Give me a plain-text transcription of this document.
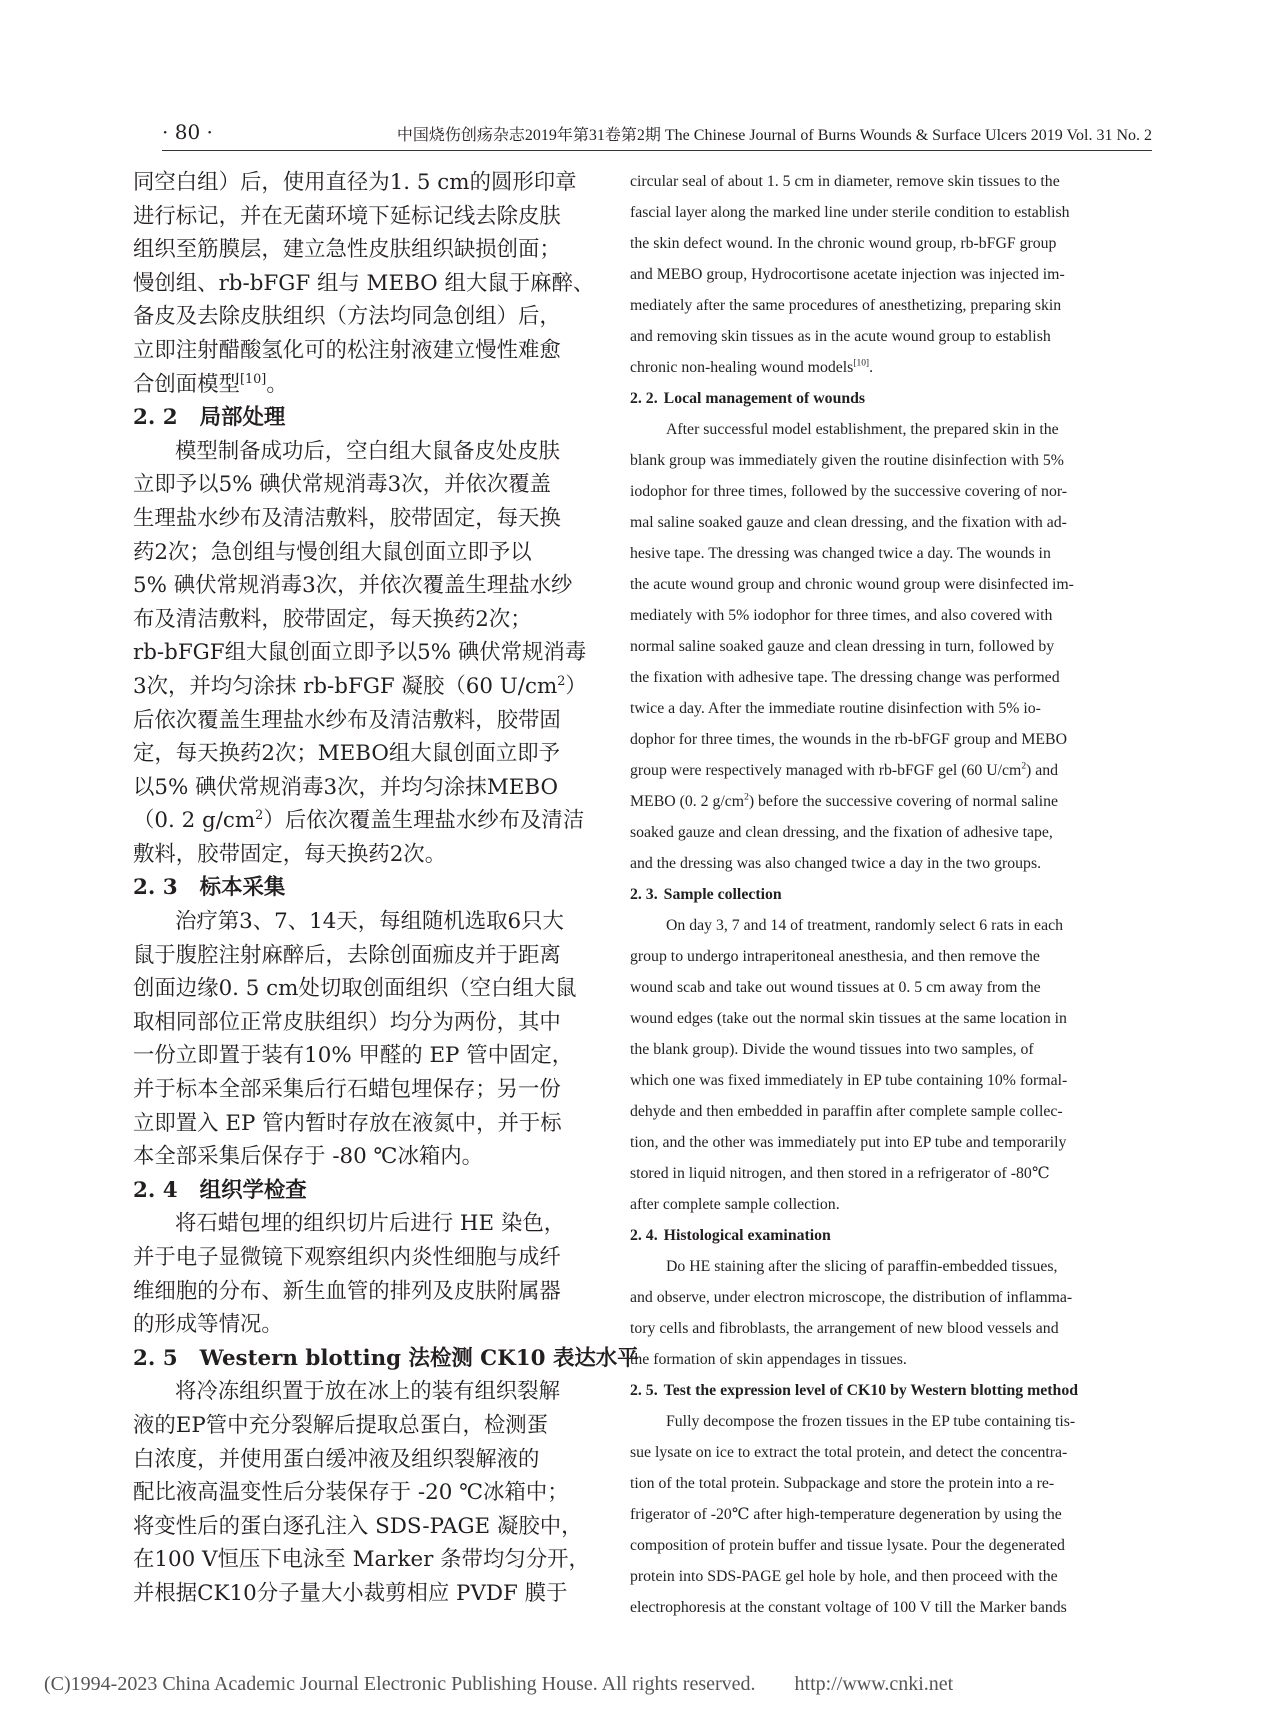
· 80 ·	中国烧伤创疡杂志2019年第31卷第2期 The Chinese Journal of Burns Wounds & Surface Ulcers 2019 Vol. 31 No. 2
同空白组）后，使用直径为1. 5 cm的圆形印章
进行标记，并在无菌环境下延标记线去除皮肤
组织至筋膜层，建立急性皮肤组织缺损创面；
慢创组、rb-bFGF 组与 MEBO 组大鼠于麻醉、
备皮及去除皮肤组织（方法均同急创组）后，
立即注射醋酸氢化可的松注射液建立慢性难愈
合创面模型[10]。
2. 2 局部处理
模型制备成功后，空白组大鼠备皮处皮肤
立即予以5% 碘伏常规消毒3次，并依次覆盖
生理盐水纱布及清洁敷料，胶带固定，每天换
药2次；急创组与慢创组大鼠创面立即予以
5% 碘伏常规消毒3次，并依次覆盖生理盐水纱
布及清洁敷料，胶带固定，每天换药2次；
rb-bFGF组大鼠创面立即予以5% 碘伏常规消毒
3次，并均匀涂抹 rb-bFGF 凝胶（60 $U/cm^2$）
后依次覆盖生理盐水纱布及清洁敷料，胶带固
定，每天换药2次；MEBO组大鼠创面立即予
以5% 碘伏常规消毒3次，并均匀涂抹MEBO
（0. 2 $g/cm^2$）后依次覆盖生理盐水纱布及清洁
敷料，胶带固定，每天换药2次。
2. 3 标本采集
治疗第3、7、14天，每组随机选取6只大
鼠于腹腔注射麻醉后，去除创面痂皮并于距离
创面边缘0. 5 cm处切取创面组织（空白组大鼠
取相同部位正常皮肤组织）均分为两份，其中
一份立即置于装有10% 甲醛的 EP 管中固定，
并于标本全部采集后行石蜡包埋保存；另一份
立即置入 EP 管内暂时存放在液氮中，并于标
本全部采集后保存于 -80 ℃冰箱内。
2. 4 组织学检查
将石蜡包埋的组织切片后进行 HE 染色，
并于电子显微镜下观察组织内炎性细胞与成纤
维细胞的分布、新生血管的排列及皮肤附属器
的形成等情况。
2. 5 Western blotting 法检测 CK10 表达水平
将冷冻组织置于放在冰上的装有组织裂解
液的EP管中充分裂解后提取总蛋白，检测蛋
白浓度，并使用蛋白缓冲液及组织裂解液的
配比液高温变性后分装保存于 -20 ℃冰箱中；
将变性后的蛋白逐孔注入 SDS-PAGE 凝胶中，
在100 V恒压下电泳至 Marker 条带均匀分开，
并根据CK10分子量大小裁剪相应 PVDF 膜于
circular seal of about 1. 5 cm in diameter, remove skin tissues to the
fascial layer along the marked line under sterile condition to establish
the skin defect wound. In the chronic wound group, rb-bFGF group
and MEBO group, Hydrocortisone acetate injection was injected im-
mediately after the same procedures of anesthetizing, preparing skin
and removing skin tissues as in the acute wound group to establish
chronic non-healing wound models[10].
2. 2. Local management of wounds
After successful model establishment, the prepared skin in the
blank group was immediately given the routine disinfection with 5%
iodophor for three times, followed by the successive covering of nor-
mal saline soaked gauze and clean dressing, and the fixation with ad-
hesive tape. The dressing was changed twice a day. The wounds in
the acute wound group and chronic wound group were disinfected im-
mediately with 5% iodophor for three times, and also covered with
normal saline soaked gauze and clean dressing in turn, followed by
the fixation with adhesive tape. The dressing change was performed
twice a day. After the immediate routine disinfection with 5% io-
dophor for three times, the wounds in the rb-bFGF group and MEBO
group were respectively managed with rb-bFGF gel (60 $U/cm^2$) and
MEBO (0. 2 $g/cm^2$) before the successive covering of normal saline
soaked gauze and clean dressing, and the fixation of adhesive tape,
and the dressing was also changed twice a day in the two groups.
2. 3. Sample collection
On day 3, 7 and 14 of treatment, randomly select 6 rats in each
group to undergo intraperitoneal anesthesia, and then remove the
wound scab and take out wound tissues at 0. 5 cm away from the
wound edges (take out the normal skin tissues at the same location in
the blank group). Divide the wound tissues into two samples, of
which one was fixed immediately in EP tube containing 10% formal-
dehyde and then embedded in paraffin after complete sample collec-
tion, and the other was immediately put into EP tube and temporarily
stored in liquid nitrogen, and then stored in a refrigerator of -80℃
after complete sample collection.
2. 4. Histological examination
Do HE staining after the slicing of paraffin-embedded tissues,
and observe, under electron microscope, the distribution of inflamma-
tory cells and fibroblasts, the arrangement of new blood vessels and
the formation of skin appendages in tissues.
2. 5. Test the expression level of CK10 by Western blotting method
Fully decompose the frozen tissues in the EP tube containing tis-
sue lysate on ice to extract the total protein, and detect the concentra-
tion of the total protein. Subpackage and store the protein into a re-
frigerator of -20℃ after high-temperature degeneration by using the
composition of protein buffer and tissue lysate. Pour the degenerated
protein into SDS-PAGE gel hole by hole, and then proceed with the
electrophoresis at the constant voltage of 100 V till the Marker bands
(C)1994-2023 China Academic Journal Electronic Publishing House. All rights reserved. http://www.cnki.net
